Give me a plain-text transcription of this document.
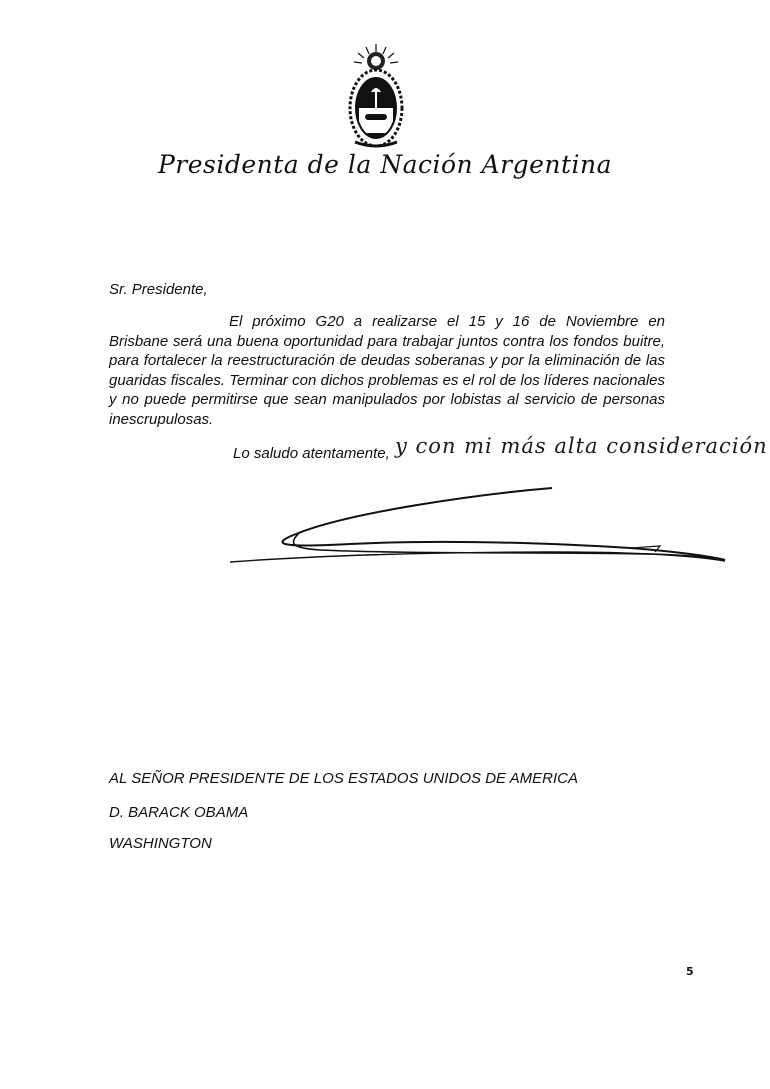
Presidenta de la Nación Argentina
Sr. Presidente,
El próximo G20 a realizarse el 15 y 16 de Noviembre en Brisbane será una buena oportunidad para trabajar juntos contra los fondos buitre, para fortalecer la reestructuración de deudas soberanas y por la eliminación de las guaridas fiscales. Terminar con dichos problemas es el rol de los líderes nacionales y no puede permitirse que sean manipulados por lobistas al servicio de personas inescrupulosas.
Lo saludo atentamente, y con mi más alta consideración
AL SEÑOR PRESIDENTE DE LOS ESTADOS UNIDOS DE AMERICA
D. BARACK OBAMA
WASHINGTON
5
